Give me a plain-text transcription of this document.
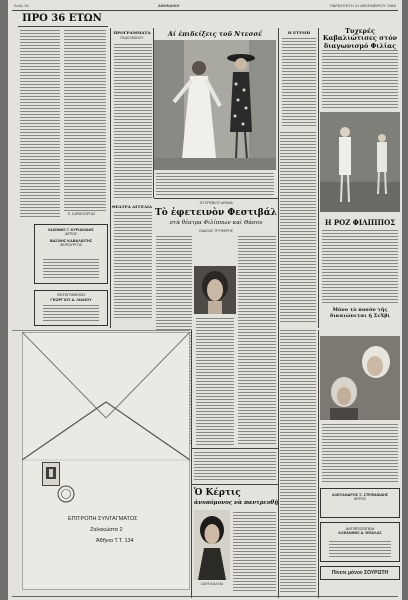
Σελίς 16	ΑΘΗΝΑΙΚΗ	ΠΑΡΑΣΚΕΥΗ 11 ΔΕΚΕΜΒΡΙΟΥ 1964
ΠΡΟ 36 ΕΤΩΝ
Ε. ΚΑΡΑΓΙΩΡΓΑΣ
ΠΡΟΓΡΑΜΜΑΤΑ
ΡΑΔΙΟΦΩΝΟΥ	Αί ἐπιδείξεις τοῦ Ντεσσέ	Η ΕΤΥΜΗ	Τυχερές Καβαλιώτισες στόν διαγωνισμό Φιλίας
Η ΡΟΖ ΦΙΛΙΠΠΟΣ
Μόνο τὸ ποσόν τῆς δικαιώνεται ἡ ΣεΧβι
ΘΕΑΤΡΑ ΑΓΓΕΛΙΑ
ΤΟ ΕΡΕΒΙΟΥ ΔΡΑΜΑ
Τὸ ἐφετεινὸν Φεστιβάλ
στὰ θέατρα Φιλίππων καὶ Θάσου
ΟΔΑΛΗΣ ΤΡΥΦΕΡΗΣ
ΙΩΑΝΝΗΣ Γ. ΚΥΡΙΑΚΙΔΗΣ
ΙΑΤΡΟΣ
ΒΑΣΙΛΗΣ ΚΑΒΑΛΙΩΤΗΣ
ΧΕΙΡΟΥΡΓΟΣ
ΦΩΤΟΓΡΑΦΕΙΟΝ
ΓΕΩΡΓΙΟΥ Δ. ΛΙΑΝΟΥ
ΕΠΙΤΡΟΠΗ ΣΥΝΤΑΓΜΑΤΟΣ
Ζαλοκώστα 2
Ἀθῆναι Τ.Τ. 134
Ὁ Κέρτις
ἀνυπόμονος νὰ παντρευθῇ
ΣΑΡΑ ΚΑΛΛΙΑ
ΑΛΕΞΑΝΔΡΟΣ Ξ. ΣΤΕΦΑΝΙΔΗΣ
ΙΑΤΡΟΣ
ΑΝΤΙΠΡΟΣΩΠΕΙΑ
ΚΛΕΑΝΘΗΣ Α. ΜΠΑΛΑΣ
Πίνετε μόνον ΣΟΥΡΩΤΗ
